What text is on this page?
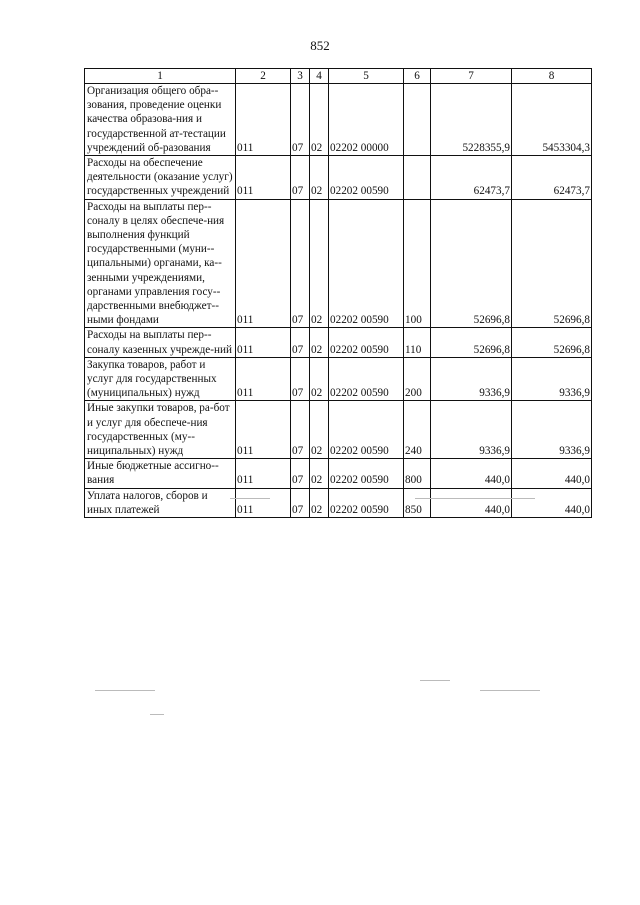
852
1	2	3	4	5	6	7	8
Организация общего обра-зования, проведение оценки качества образова-ния и государственной ат-тестации учреждений об-разования	011	07	02	02202 00000		5228355,9	5453304,3
Расходы на обеспечение деятельности (оказание услуг) государственных учреждений	011	07	02	02202 00590		62473,7	62473,7
Расходы на выплаты пер-соналу в целях обеспече-ния выполнения функций государственными (муни-ципальными) органами, ка-зенными учреждениями, органами управления госу-дарственными внебюджет-ными фондами	011	07	02	02202 00590	100	52696,8	52696,8
Расходы на выплаты пер-соналу казенных учрежде-ний	011	07	02	02202 00590	110	52696,8	52696,8
Закупка товаров, работ и услуг для государственных (муниципальных) нужд	011	07	02	02202 00590	200	9336,9	9336,9
Иные закупки товаров, ра-бот и услуг для обеспече-ния государственных (му-ниципальных) нужд	011	07	02	02202 00590	240	9336,9	9336,9
Иные бюджетные ассигно-вания	011	07	02	02202 00590	800	440,0	440,0
Уплата налогов, сборов и иных платежей	011	07	02	02202 00590	850	440,0	440,0
